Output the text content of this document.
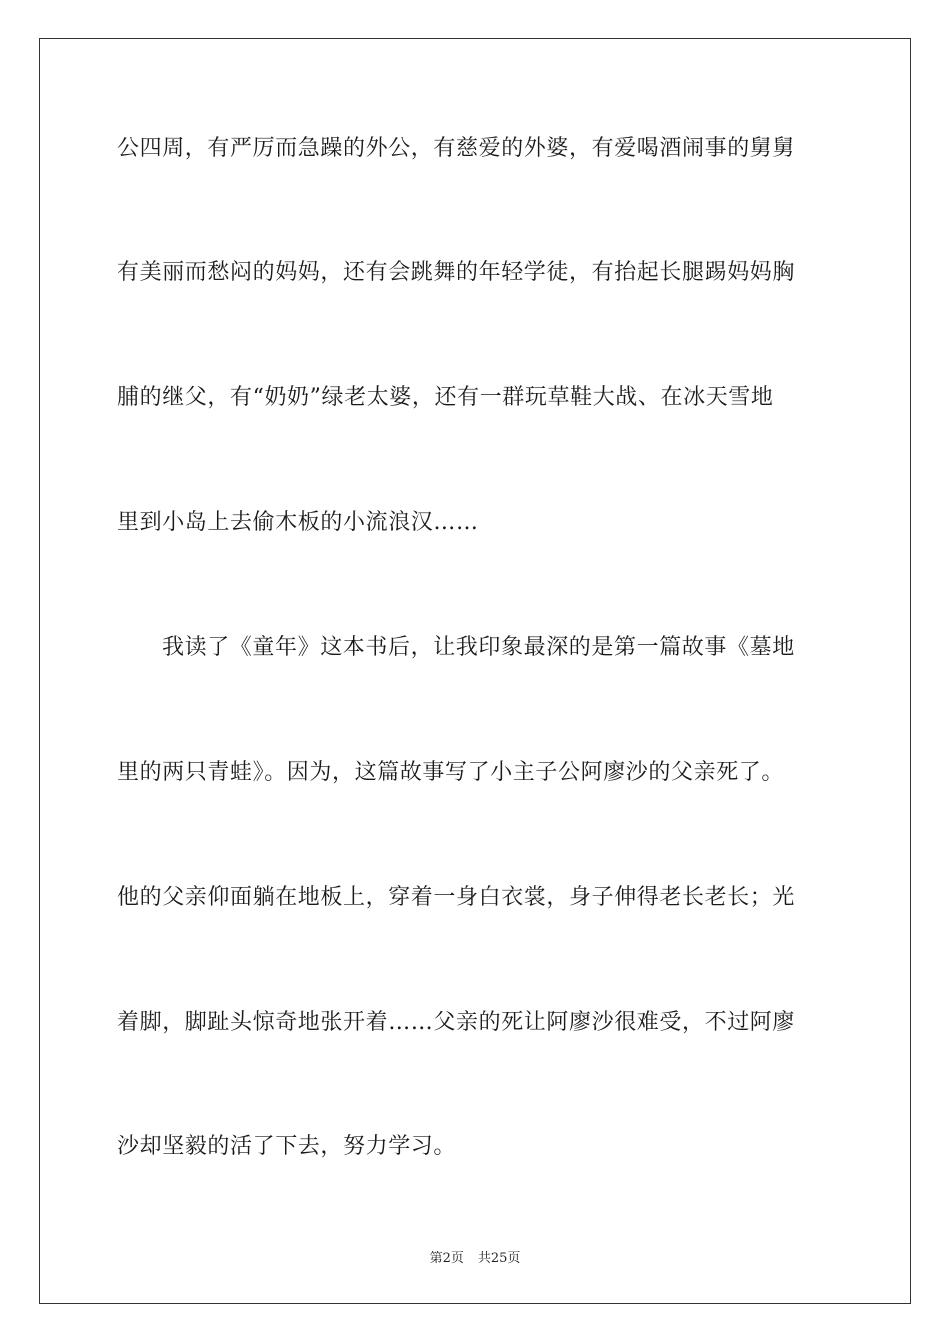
公四周，有严厉而急躁的外公，有慈爱的外婆，有爱喝酒闹事的舅舅
有美丽而愁闷的妈妈，还有会跳舞的年轻学徒，有抬起长腿踢妈妈胸
脯的继父，有“奶奶”绿老太婆，还有一群玩草鞋大战、在冰天雪地
里到小岛上去偷木板的小流浪汉……
我读了《童年》这本书后，让我印象最深的是第一篇故事《墓地
里的两只青蛙》。因为，这篇故事写了小主子公阿廖沙的父亲死了。
他的父亲仰面躺在地板上，穿着一身白衣裳，身子伸得老长老长；光
着脚，脚趾头惊奇地张开着……父亲的死让阿廖沙很难受，不过阿廖
沙却坚毅的活了下去，努力学习。
第2页 共25页
